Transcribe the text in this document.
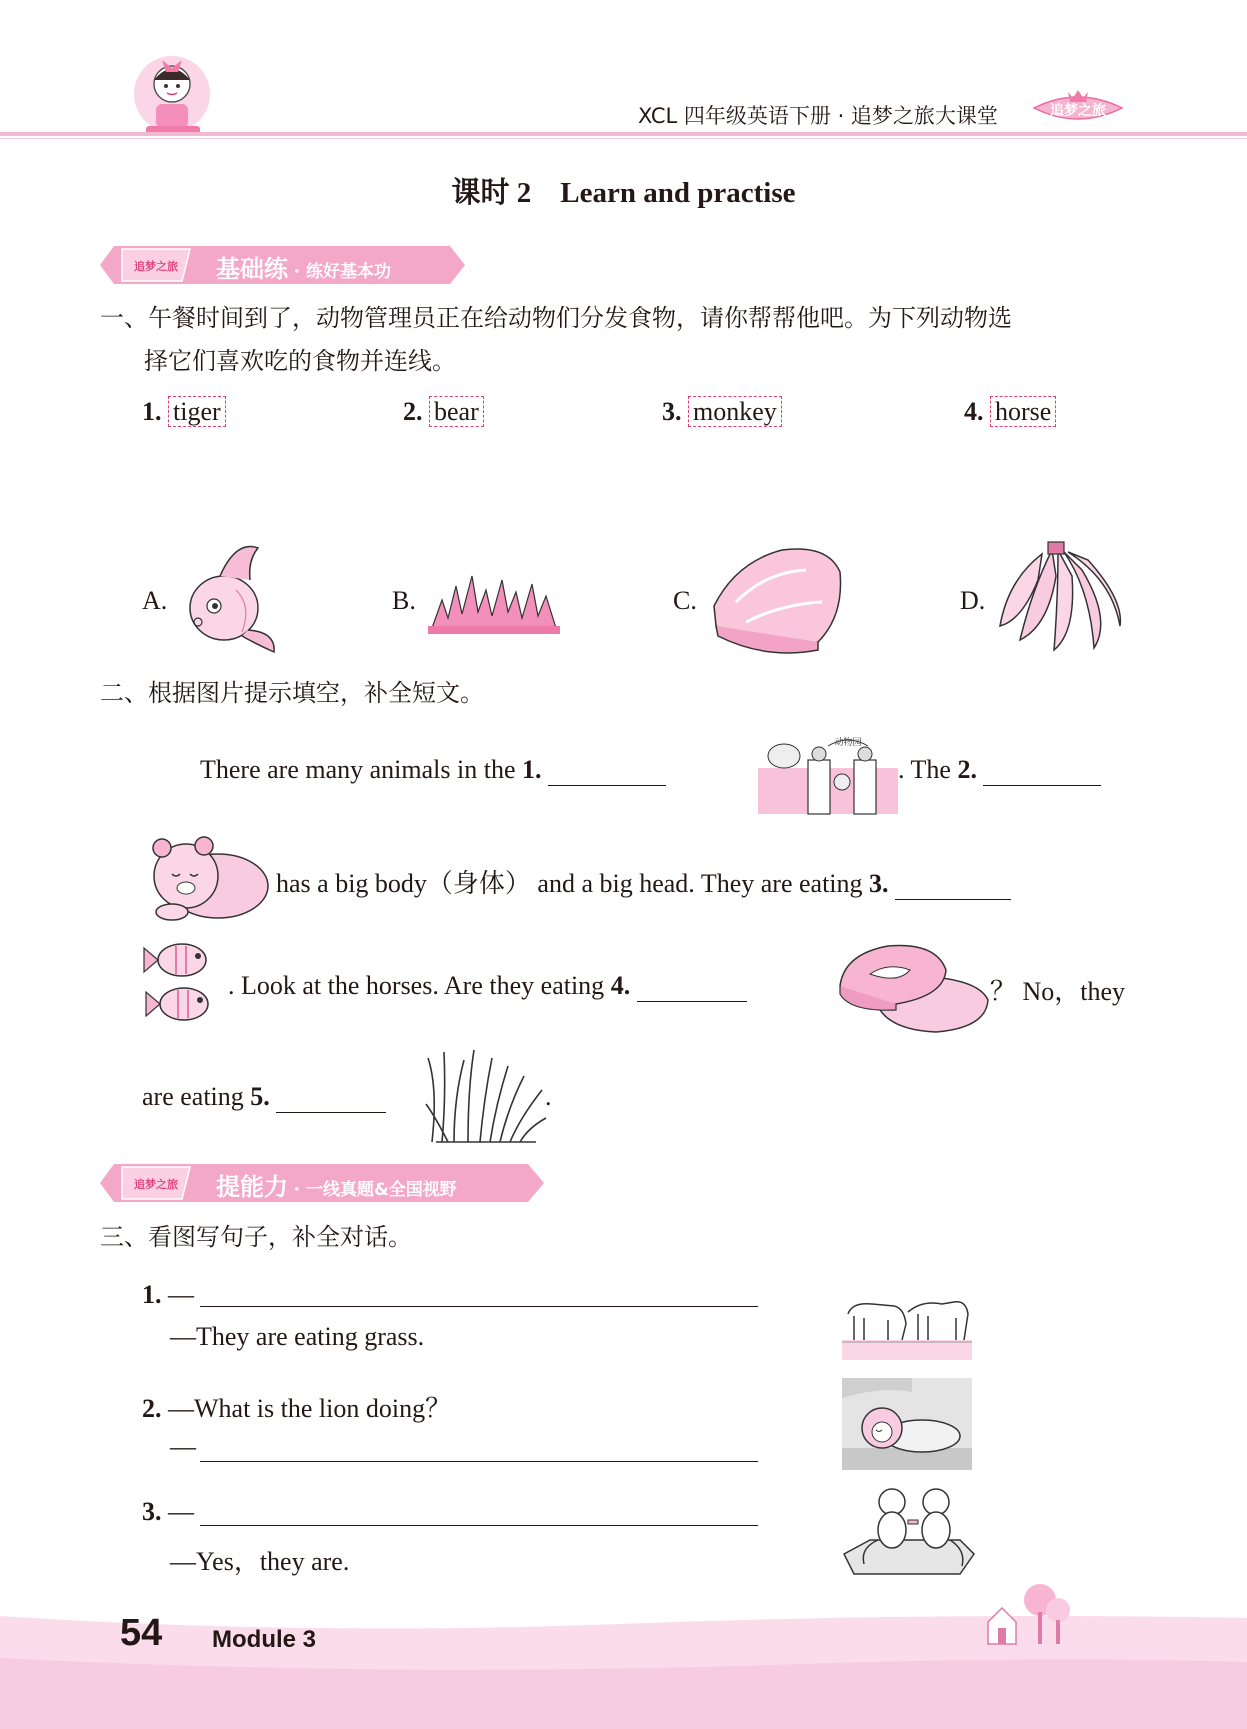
XCL 四年级英语下册 · 追梦之旅大课堂	追梦之旅
课时 2    Learn and practise
追梦之旅 基础练 · 练好基本功
一、午餐时间到了，动物管理员正在给动物们分发食物，请你帮帮他吧。为下列动物选
择它们喜欢吃的食物并连线。
1. tiger	2. bear	3. monkey	4. horse
A.	B.	C.	D.
二、根据图片提示填空，补全短文。
There are many animals in the 1.
动物园
. The 2.
has a big body（身体） and a big head. They are eating 3.
. Look at the horses. Are they eating 4.	？ No，they
are eating 5.	.
追梦之旅 提能力 · 一线真题&全国视野
三、看图写句子，补全对话。
1. —
—They are eating grass.
2. —What is the lion doing？
—
3. —
—Yes，they are.
54 Module 3
